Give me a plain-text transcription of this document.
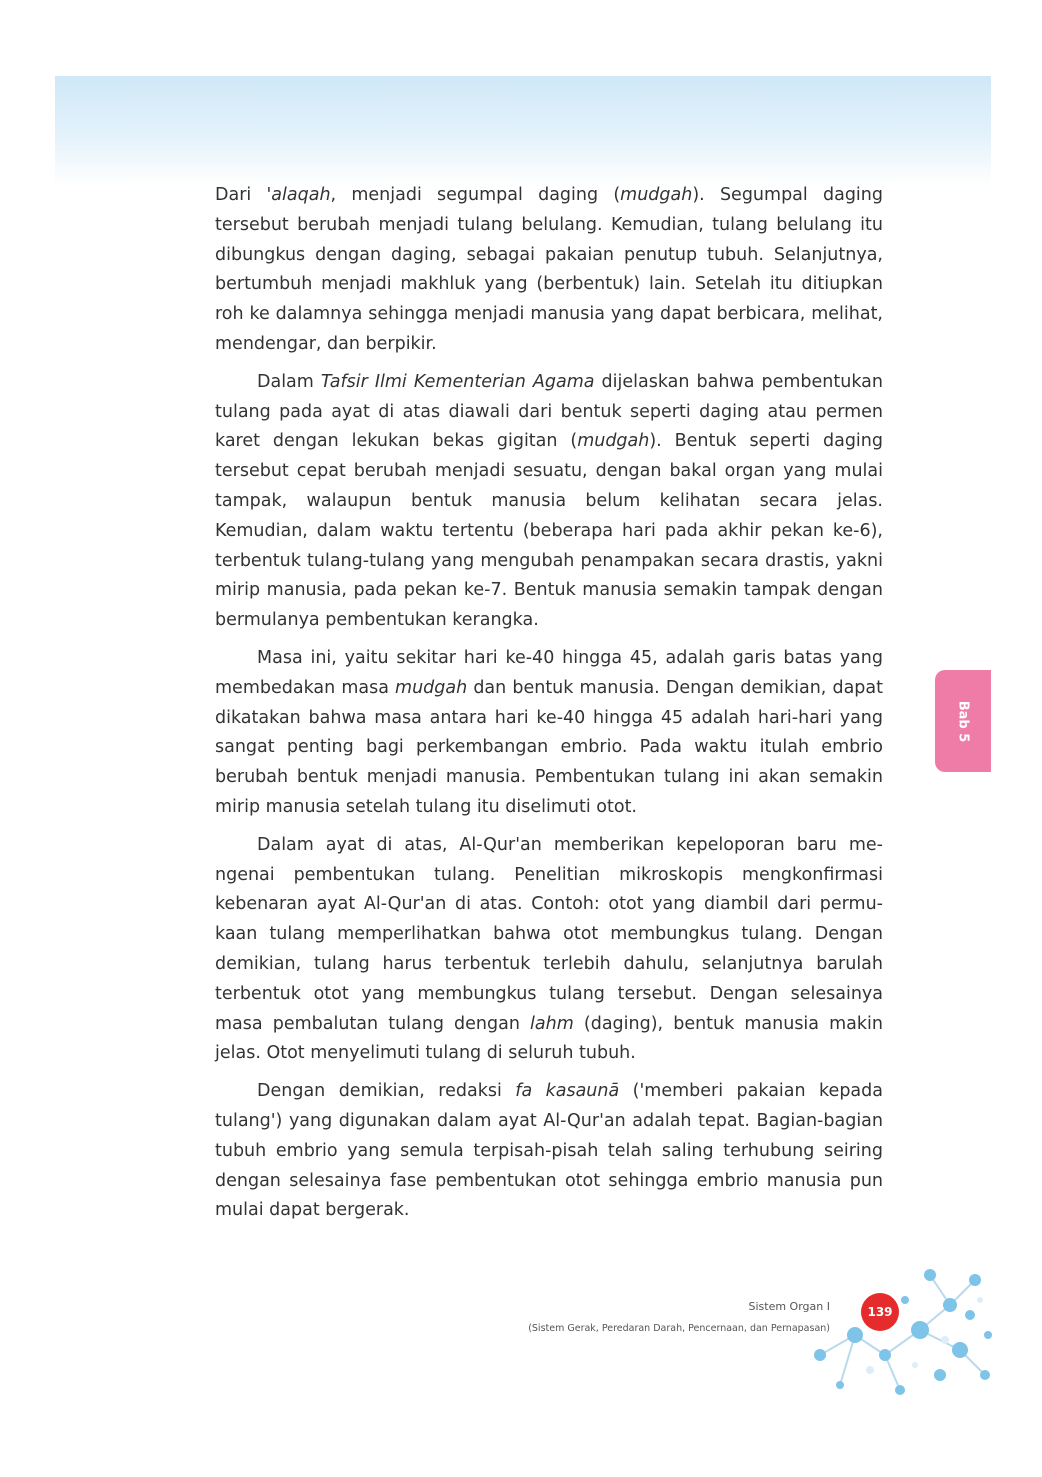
Dari 'alaqah, menjadi segumpal daging (mudgah). Segumpal daging tersebut berubah menjadi tulang belulang. Kemudian, tulang belulang itu dibungkus dengan daging, sebagai pakaian penutup tubuh. Selanjutnya, bertumbuh menjadi makhluk yang (berbentuk) lain. Setelah itu ditiupkan roh ke dalamnya sehingga menjadi manusia yang dapat berbicara, melihat, mendengar, dan berpikir.

Dalam Tafsir Ilmi Kementerian Agama dijelaskan bahwa pembentukan tulang pada ayat di atas diawali dari bentuk seperti daging atau permen karet dengan lekukan bekas gigitan (mudgah). Bentuk seperti daging tersebut cepat berubah menjadi sesuatu, dengan bakal organ yang mulai tampak, walaupun bentuk manusia belum kelihatan secara jelas. Kemudian, dalam waktu tertentu (beberapa hari pada akhir pekan ke-6), terbentuk tulang-tulang yang mengubah penampakan secara drastis, yakni mirip manusia, pada pekan ke-7. Bentuk manusia semakin tampak dengan bermulanya pembentukan kerangka.

Masa ini, yaitu sekitar hari ke-40 hingga 45, adalah garis batas yang membedakan masa mudgah dan bentuk manusia. Dengan demikian, dapat dikatakan bahwa masa antara hari ke-40 hingga 45 adalah hari-hari yang sangat penting bagi perkembangan embrio. Pada waktu itulah embrio berubah bentuk menjadi manusia. Pembentukan tulang ini akan semakin mirip manusia setelah tulang itu diselimuti otot.

Dalam ayat di atas, Al-Qur'an memberikan kepeloporan baru mengenai pembentukan tulang. Penelitian mikroskopis mengkonfirmasi kebenaran ayat Al-Qur'an di atas. Contoh: otot yang diambil dari permukaan tulang memperlihatkan bahwa otot membungkus tulang. Dengan demikian, tulang harus terbentuk terlebih dahulu, selanjutnya barulah terbentuk otot yang membungkus tulang tersebut. Dengan selesainya masa pembalutan tulang dengan lahm (daging), bentuk manusia makin jelas. Otot menyelimuti tulang di seluruh tubuh.

Dengan demikian, redaksi fa kasaunā ('memberi pakaian kepada tulang') yang digunakan dalam ayat Al-Qur'an adalah tepat. Bagian-bagian tubuh embrio yang semula terpisah-pisah telah saling terhubung seiring dengan selesainya fase pembentukan otot sehingga embrio manusia pun mulai dapat bergerak.

Bab 5
Sistem Organ I
(Sistem Gerak, Peredaran Darah, Pencernaan, dan Pernapasan)
139
